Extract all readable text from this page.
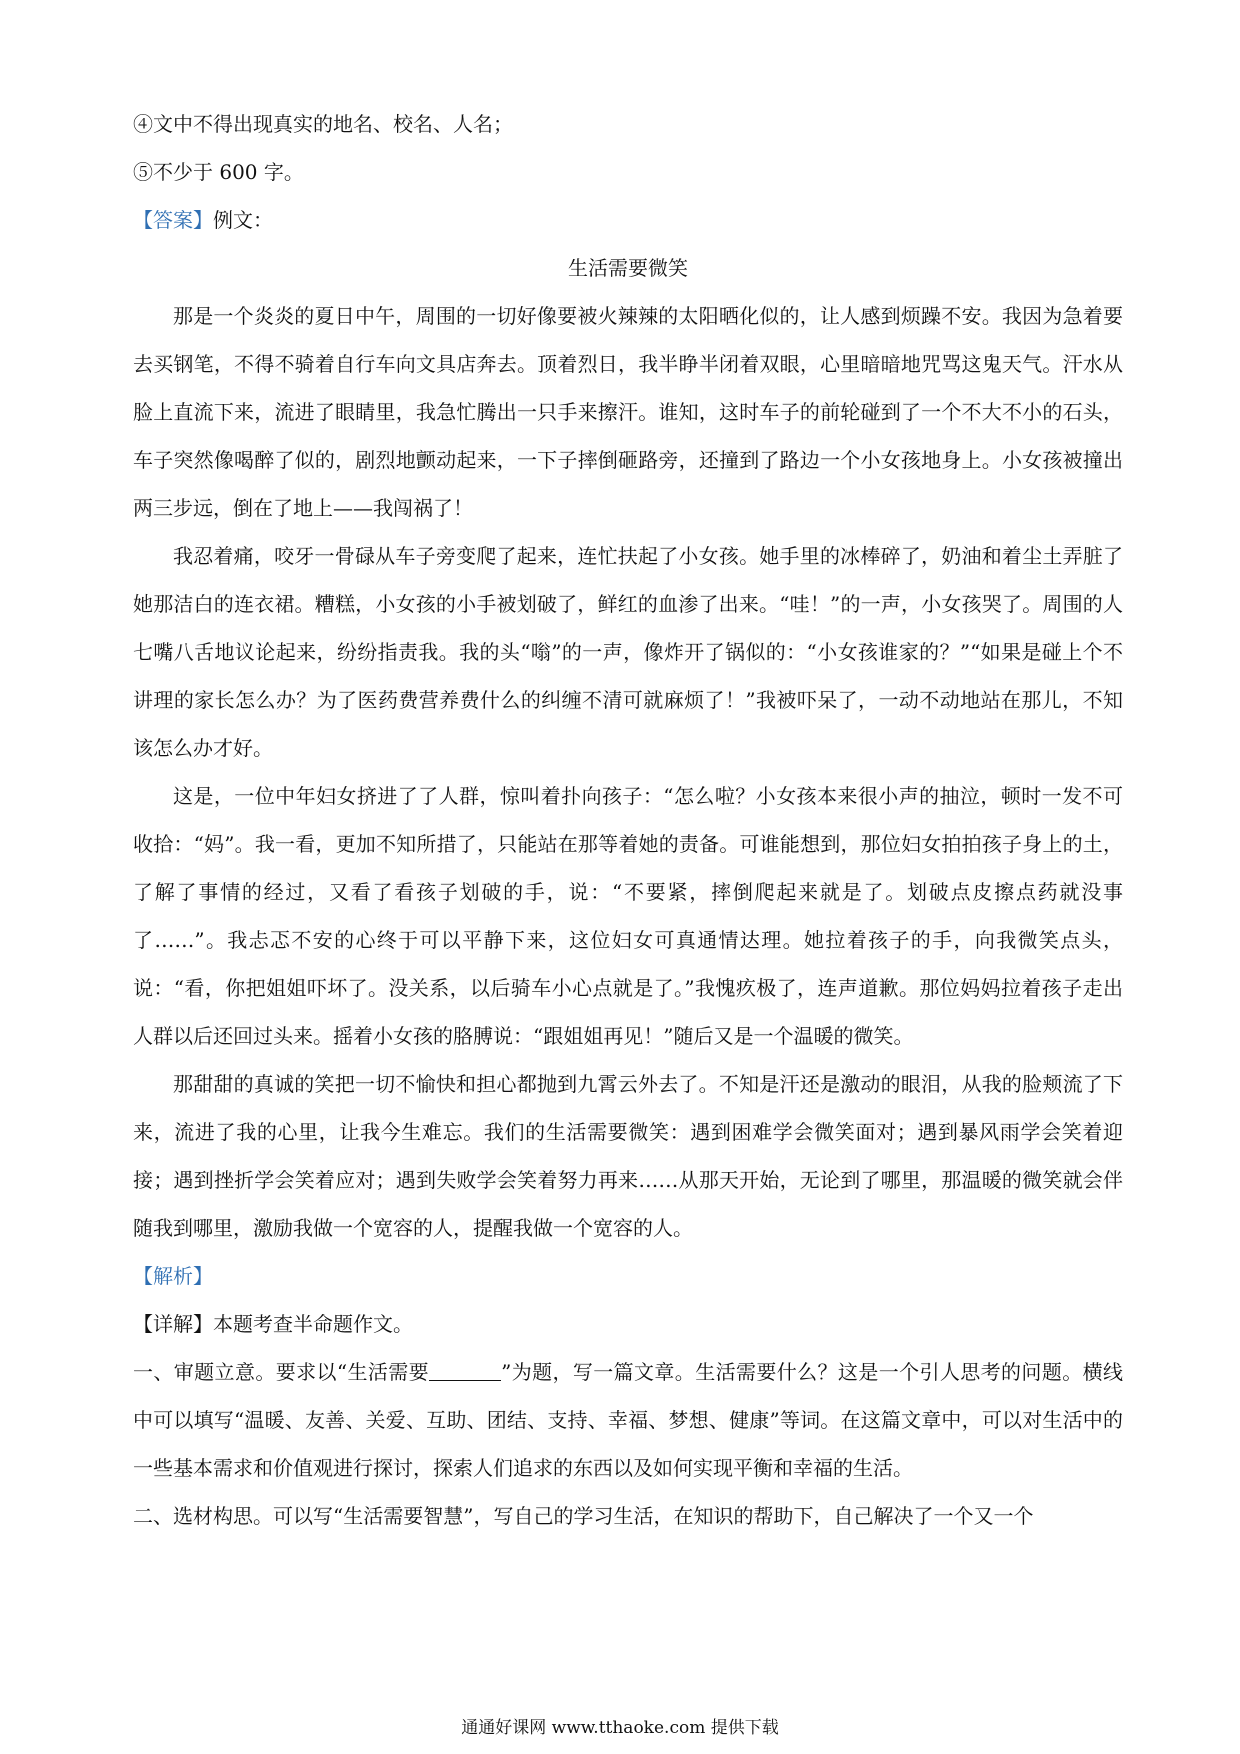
④文中不得出现真实的地名、校名、人名；

⑤不少于 600 字。

【答案】例文：

生活需要微笑

那是一个炎炎的夏日中午，周围的一切好像要被火辣辣的太阳晒化似的，让人感到烦躁不安。我因为急着要去买钢笔，不得不骑着自行车向文具店奔去。顶着烈日，我半睁半闭着双眼，心里暗暗地咒骂这鬼天气。汗水从脸上直流下来，流进了眼睛里，我急忙腾出一只手来擦汗。谁知，这时车子的前轮碰到了一个不大不小的石头，车子突然像喝醉了似的，剧烈地颤动起来，一下子摔倒砸路旁，还撞到了路边一个小女孩地身上。小女孩被撞出两三步远，倒在了地上——我闯祸了！

我忍着痛，咬牙一骨碌从车子旁变爬了起来，连忙扶起了小女孩。她手里的冰棒碎了，奶油和着尘土弄脏了她那洁白的连衣裙。糟糕，小女孩的小手被划破了，鲜红的血渗了出来。“哇！”的一声，小女孩哭了。周围的人七嘴八舌地议论起来，纷纷指责我。我的头“嗡”的一声，像炸开了锅似的：“小女孩谁家的？”“如果是碰上个不讲理的家长怎么办？为了医药费营养费什么的纠缠不清可就麻烦了！”我被吓呆了，一动不动地站在那儿，不知该怎么办才好。

这是，一位中年妇女挤进了了人群，惊叫着扑向孩子：“怎么啦？小女孩本来很小声的抽泣，顿时一发不可收拾：“妈”。我一看，更加不知所措了，只能站在那等着她的责备。可谁能想到，那位妇女拍拍孩子身上的土，了解了事情的经过，又看了看孩子划破的手，说：“不要紧，摔倒爬起来就是了。划破点皮擦点药就没事了……”。我忐忑不安的心终于可以平静下来，这位妇女可真通情达理。她拉着孩子的手，向我微笑点头，说：“看，你把姐姐吓坏了。没关系，以后骑车小心点就是了。”我愧疚极了，连声道歉。那位妈妈拉着孩子走出人群以后还回过头来。摇着小女孩的胳膊说：“跟姐姐再见！”随后又是一个温暖的微笑。

那甜甜的真诚的笑把一切不愉快和担心都抛到九霄云外去了。不知是汗还是激动的眼泪，从我的脸颊流了下来，流进了我的心里，让我今生难忘。我们的生活需要微笑：遇到困难学会微笑面对；遇到暴风雨学会笑着迎接；遇到挫折学会笑着应对；遇到失败学会笑着努力再来……从那天开始，无论到了哪里，那温暖的微笑就会伴随我到哪里，激励我做一个宽容的人，提醒我做一个宽容的人。

【解析】

【详解】本题考查半命题作文。

一、审题立意。要求以“生活需要	”为题，写一篇文章。生活需要什么？这是一个引人思考的问题。横线中可以填写“温暖、友善、关爱、互助、团结、支持、幸福、梦想、健康”等词。在这篇文章中，可以对生活中的一些基本需求和价值观进行探讨，探索人们追求的东西以及如何实现平衡和幸福的生活。

二、选材构思。可以写“生活需要智慧”，写自己的学习生活，在知识的帮助下，自己解决了一个又一个

通通好课网 www.tthaoke.com 提供下载
